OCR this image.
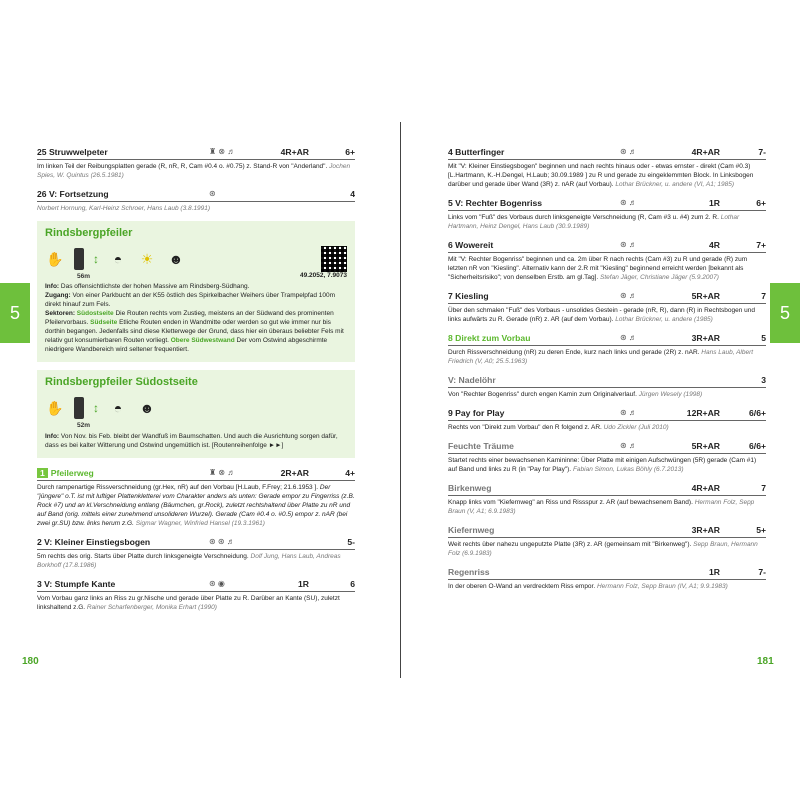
5	5
180	181
25 Struwwelpeter	♜ ⊗ ♬	4R+AR	6+
Im linken Teil der Reibungsplatten gerade (R, nR, R, Cam #0.4 o. #0.75) z. Stand-R von "Anderland". Jochen Spies, W. Quintus (26.5.1981)
26 V: Fortsetzung	⊛	4
Norbert Hornung, Karl-Heinz Schroer, Hans Laub (3.8.1991)
Rindsbergpfeiler
✋ ↕	◓	☀ ☻
56m	49.2052, 7.9073
Info: Das offensichtlichste der hohen Massive am Rindsberg-Südhang.
Zugang: Von einer Parkbucht an der K55 östlich des Spirkelbacher Weihers über Trampelpfad 100m direkt hinauf zum Fels.
Sektoren: Südostseite Die Routen rechts vom Zustieg, meistens an der Südwand des prominenten Pfeilervorbaus. Südseite Etliche Routen enden in Wandmitte oder werden so gut wie immer nur bis dorthin begangen. Jedenfalls sind diese Kletterwege der Grund, dass hier ein überaus beliebter Fels mit relativ gut konsumierbaren Routen vorliegt. Obere Südwestwand Der vom Ostwind abgeschirmte niedrigere Wandbereich wird seltener frequentiert.
Rindsbergpfeiler Südostseite
✋ ↕	◓	☻
52m
Info: Von Nov. bis Feb. bleibt der Wandfuß im Baumschatten. Und auch die Ausrichtung sorgen dafür, dass es bei kalter Witterung und Ostwind ungemütlich ist. [Routenreihenfolge ►►]
1 Pfeilerweg	♜ ⊗ ♬	2R+AR	4+
Durch rampenartige Rissverschneidung (gr.Hex, nR) auf den Vorbau [H.Laub, F.Frey; 21.6.1953 ]. Der "jüngere" o.T. ist mit luftiger Plattenkletterei vom Charakter anders als unten: Gerade empor zu Fingerriss (z.B. Rock #7) und an kl.Verschneidung entlang (Bäumchen, gr.Rock), zuletzt rechtshaltend über Platte zu nR und auf Band (orig. mittels einer zunehmend unsolideren Wurzel). Gerade (Cam #0.4 o. #0.5) empor z. nAR (bei zwei gr.SU) bzw. links herum z.G. Sigmar Wagner, Winfried Hansel (19.3.1961)
2 V: Kleiner Einstiegsbogen	⊛ ⊛ ♬	5-
5m rechts des orig. Starts über Platte durch linksgeneigte Verschneidung. Dolf Jung, Hans Laub, Andreas Borkhoff (17.8.1986)
3 V: Stumpfe Kante	⊛ ◉	1R	6
Vom Vorbau ganz links an Riss zu gr.Nische und gerade über Platte zu R. Darüber an Kante (SU), zuletzt linkshaltend z.G. Rainer Scharfenberger, Monika Erhart (1990)
4 Butterfinger	⊛ ♬	4R+AR	7-
Mit "V: Kleiner Einstiegsbogen" beginnen und nach rechts hinaus oder - etwas ernster - direkt (Cam #0.3) [L.Hartmann, K.-H.Dengel, H.Laub; 30.09.1989 ] zu R und gerade zu eingeklemmten Block. In Linksbogen darüber und gerade über Wand (3R) z. nAR (auf Vorbau). Lothar Brückner, u. andere (VI, A1; 1985)
5 V: Rechter Bogenriss	⊛ ♬	1R	6+
Links vom "Fuß" des Vorbaus durch linksgeneigte Verschneidung (R, Cam #3 u. #4) zum 2. R. Lothar Hartmann, Heinz Dengel, Hans Laub (30.9.1989)
6 Wowereit	⊛ ♬	4R	7+
Mit "V: Rechter Bogenriss" beginnen und ca. 2m über R nach rechts (Cam #3) zu R und gerade (R) zum letzten nR von "Kiesling". Alternativ kann der 2.R mit "Kiesling" beginnend erreicht werden [bekannt als "Sicherheitsrisiko"; von denselben Erstb. am gl.Tag]. Stefan Jäger, Christiane Jäger (5.9.2007)
7 Kiesling	⊛ ♬	5R+AR	7
Über den schmalen "Fuß" des Vorbaus - unsolides Gestein - gerade (nR, R), dann (R) in Rechtsbogen und links aufwärts zu R. Gerade (nR) z. AR (auf dem Vorbau). Lothar Brückner, u. andere (1985)
8 Direkt zum Vorbau	⊛ ♬	3R+AR	5
Durch Rissverschneidung (nR) zu deren Ende, kurz nach links und gerade (2R) z. nAR. Hans Laub, Albert Friedrich (V, A0; 25.5.1963)
V: Nadelöhr	3
Von "Rechter Bogenriss" durch engen Kamin zum Originalverlauf. Jürgen Wesely (1998)
9 Pay for Play	⊛ ♬	12R+AR	6/6+
Rechts von "Direkt zum Vorbau" den R folgend z. AR. Udo Zickler (Juli 2010)
Feuchte Träume	⊛ ♬	5R+AR	6/6+
Startet rechts einer bewachsenen Kamininne: Über Platte mit einigen Aufschwüngen (5R) gerade (Cam #1) auf Band und links zu R (in "Pay for Play"). Fabian Simon, Lukas Böhly (6.7.2013)
Birkenweg	4R+AR	7
Knapp links vom "Kiefernweg" an Riss und Rissspur z. AR (auf bewachsenem Band). Hermann Folz, Sepp Braun (V, A1; 6.9.1983)
Kiefernweg	3R+AR	5+
Weit rechts über nahezu ungeputzte Platte (3R) z. AR (gemeinsam mit "Birkenweg"). Sepp Braun, Hermann Folz (6.9.1983)
Regenriss	1R	7-
In der oberen O-Wand an verdrecktem Riss empor. Hermann Folz, Sepp Braun (IV, A1; 9.9.1983)
